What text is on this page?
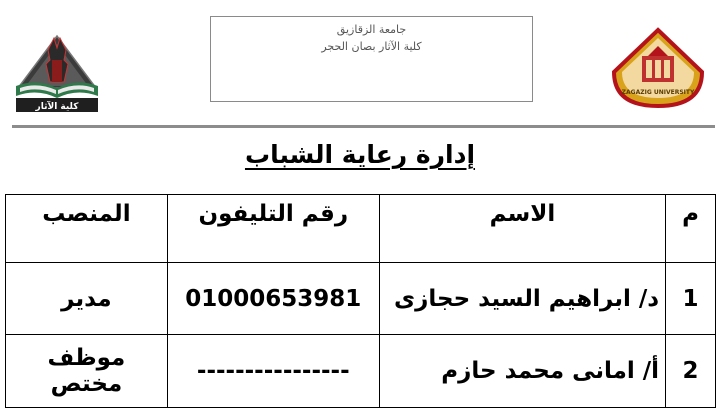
كلية الآثار
جامعة الزقازيق
كلية الآثار بصان الحجر
ZAGAZIG UNIVERSITY
إدارة رعاية الشباب
م	الاسم	رقم التليفون	المنصب
1	د/ ابراهيم السيد حجازى	01000653981	مدير
2	أ/ امانى محمد حازم	----------------	موظف مختص
